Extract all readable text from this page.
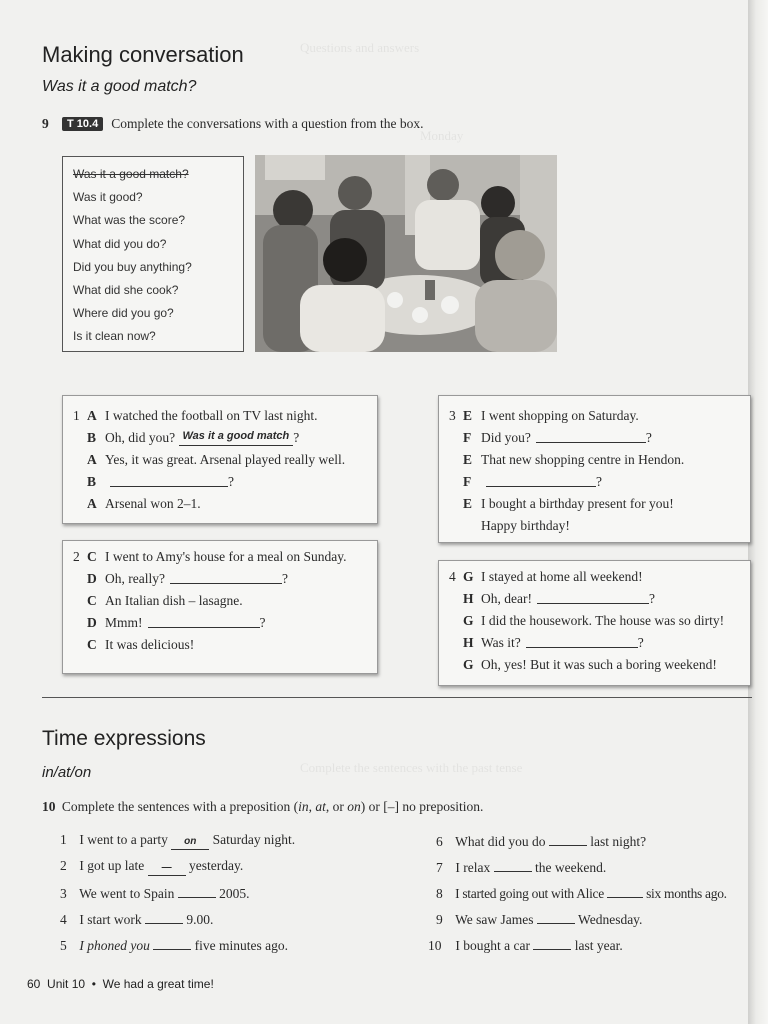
Questions and answers
Monday
Complete the sentences with the past tense
Making conversation
Was it a good match?
9	T 10.4 Complete the conversations with a question from the box.
Was it a good match?
Was it good?
What was the score?
What did you do?
Did you buy anything?
What did she cook?
Where did you go?
Is it clean now?
1 A I watched the football on TV last night.
B Oh, did you?
Was it a good match ?
A Yes, it was great. Arsenal played really well.
B	?
A Arsenal won 2–1.
2 C I went to Amy's house for a meal on Sunday.
D Oh, really?	?
C An Italian dish – lasagne.
D Mmm!	?
C It was delicious!
3 E I went shopping on Saturday.
F Did you?	?
E That new shopping centre in Hendon.
F	?
E I bought a birthday present for you!
Happy birthday!
4 G I stayed at home all weekend!
H Oh, dear!	?
G I did the housework. The house was so dirty!
H Was it?	?
G Oh, yes! But it was such a boring weekend!
Time expressions
in/at/on
10 Complete the sentences with a preposition (in, at, or on) or [–] no preposition.
1 I went to a party on Saturday night.
2 I got up late — yesterday.
3 We went to Spain	2005.
4 I start work	9.00.
5 I phoned you	five minutes ago.
6 What did you do	last night?
7 I relax	the weekend.
8 I started going out with Alice	six months ago.
9 We saw James	Wednesday.
10 I bought a car	last year.
60 Unit 10 • We had a great time!
